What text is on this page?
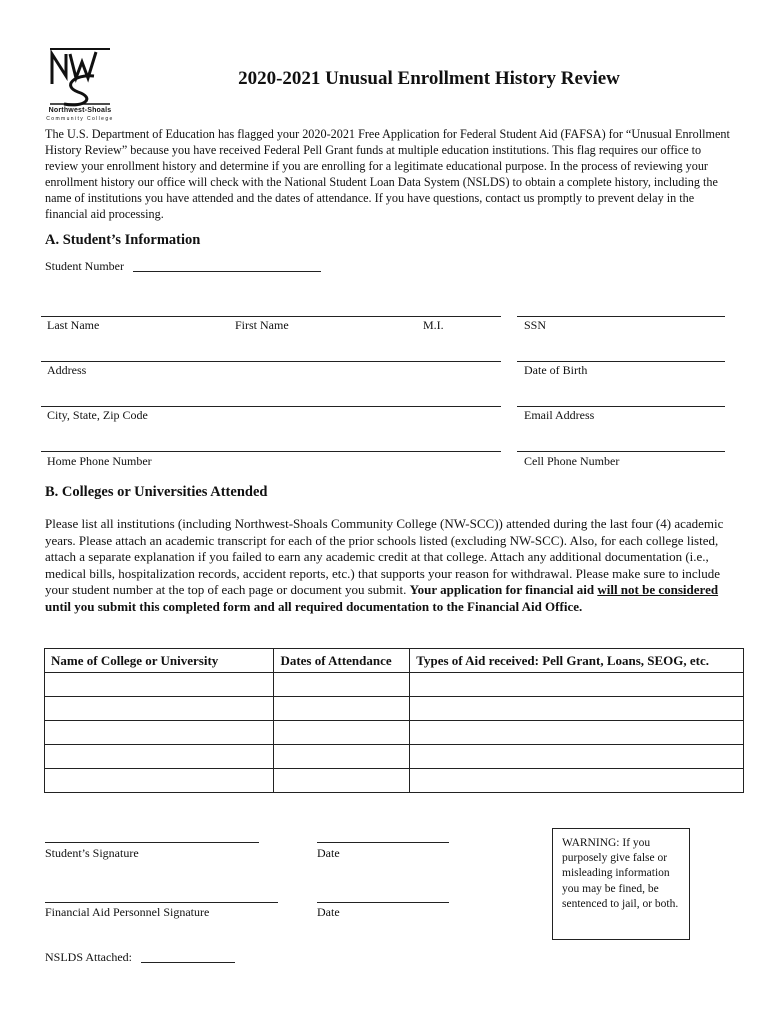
Northwest-Shoals
Community College
2020-2021 Unusual Enrollment History Review
The U.S. Department of Education has flagged your 2020-2021 Free Application for Federal Student Aid (FAFSA) for “Unusual Enrollment History Review” because you have received Federal Pell Grant funds at multiple education institutions. This flag requires our office to review your enrollment history and determine if you are enrolling for a legitimate educational purpose. In the process of reviewing your enrollment history our office will check with the National Student Loan Data System (NSLDS) to obtain a complete history, including the name of institutions you have attended and the dates of attendance. If you have questions, contact us promptly to prevent delay in the financial aid processing.
A. Student’s Information
Student Number
Last Name	First Name	M.I.	SSN
Address	Date of Birth
City, State, Zip Code	Email Address
Home Phone Number	Cell Phone Number
B. Colleges or Universities Attended
Please list all institutions (including Northwest-Shoals Community College (NW-SCC)) attended during the last four (4) academic years. Please attach an academic transcript for each of the prior schools listed (excluding NW-SCC). Also, for each college listed, attach a separate explanation if you failed to earn any academic credit at that college. Attach any additional documentation (i.e., medical bills, hospitalization records, accident reports, etc.) that supports your reason for withdrawal. Please make sure to include your student number at the top of each page or document you submit. Your application for financial aid will not be considered until you submit this completed form and all required documentation to the Financial Aid Office.
Name of College or University	Dates of Attendance	Types of Aid received: Pell Grant, Loans, SEOG, etc.

Student’s Signature	Date
Financial Aid Personnel Signature	Date
NSLDS Attached:
WARNING: If you purposely give false or misleading information you may be fined, be sentenced to jail, or both.
